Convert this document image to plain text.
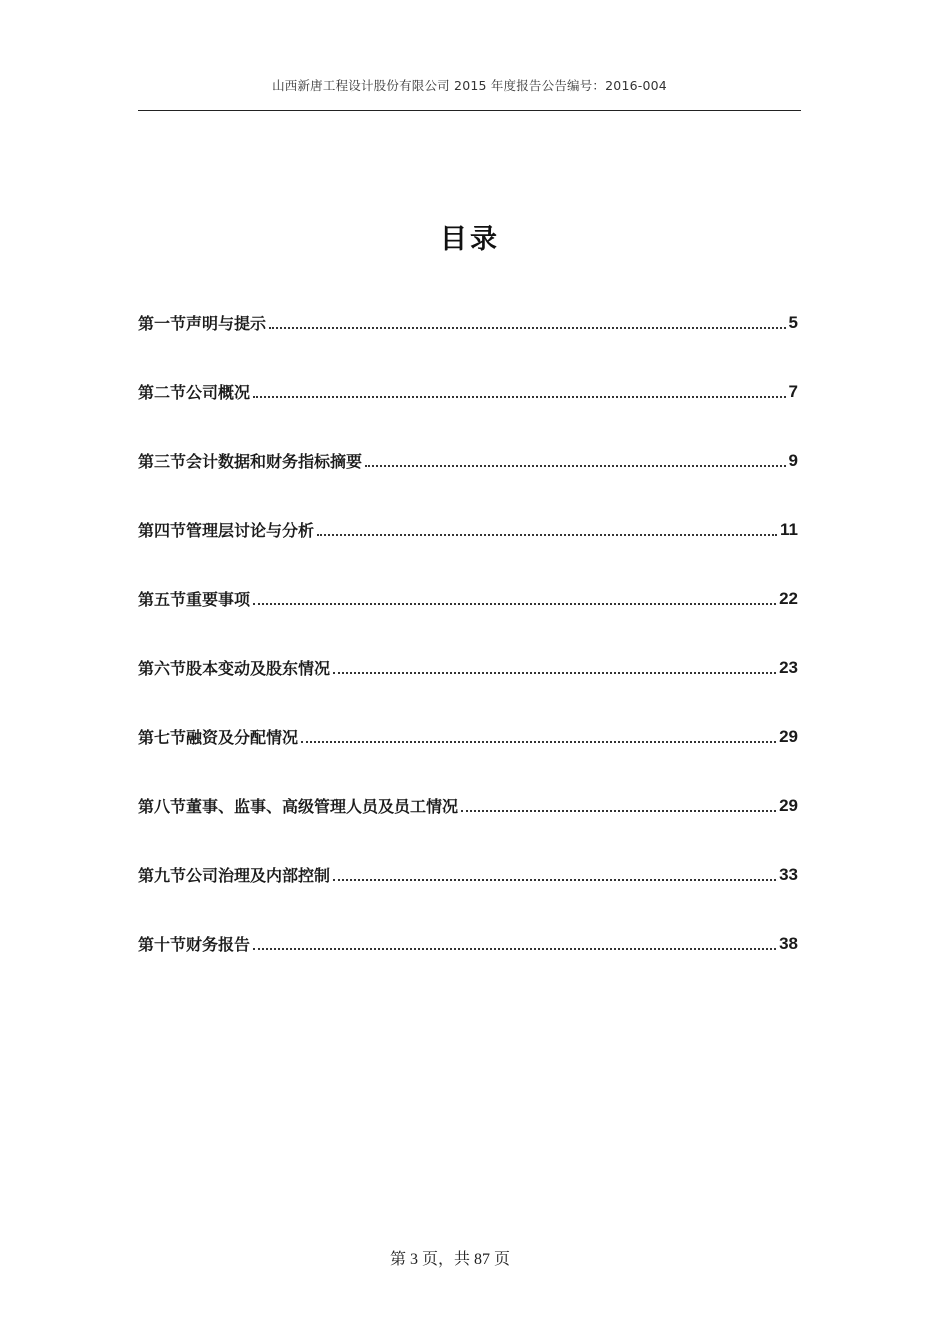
山西新唐工程设计股份有限公司 2015 年度报告公告编号：2016-004
目录
第一节声明与提示	5
第二节公司概况	7
第三节会计数据和财务指标摘要	9
第四节管理层讨论与分析	11
第五节重要事项	22
第六节股本变动及股东情况	23
第七节融资及分配情况	29
第八节董事、监事、高级管理人员及员工情况	29
第九节公司治理及内部控制	33
第十节财务报告	38
第 3 页，共 87 页
